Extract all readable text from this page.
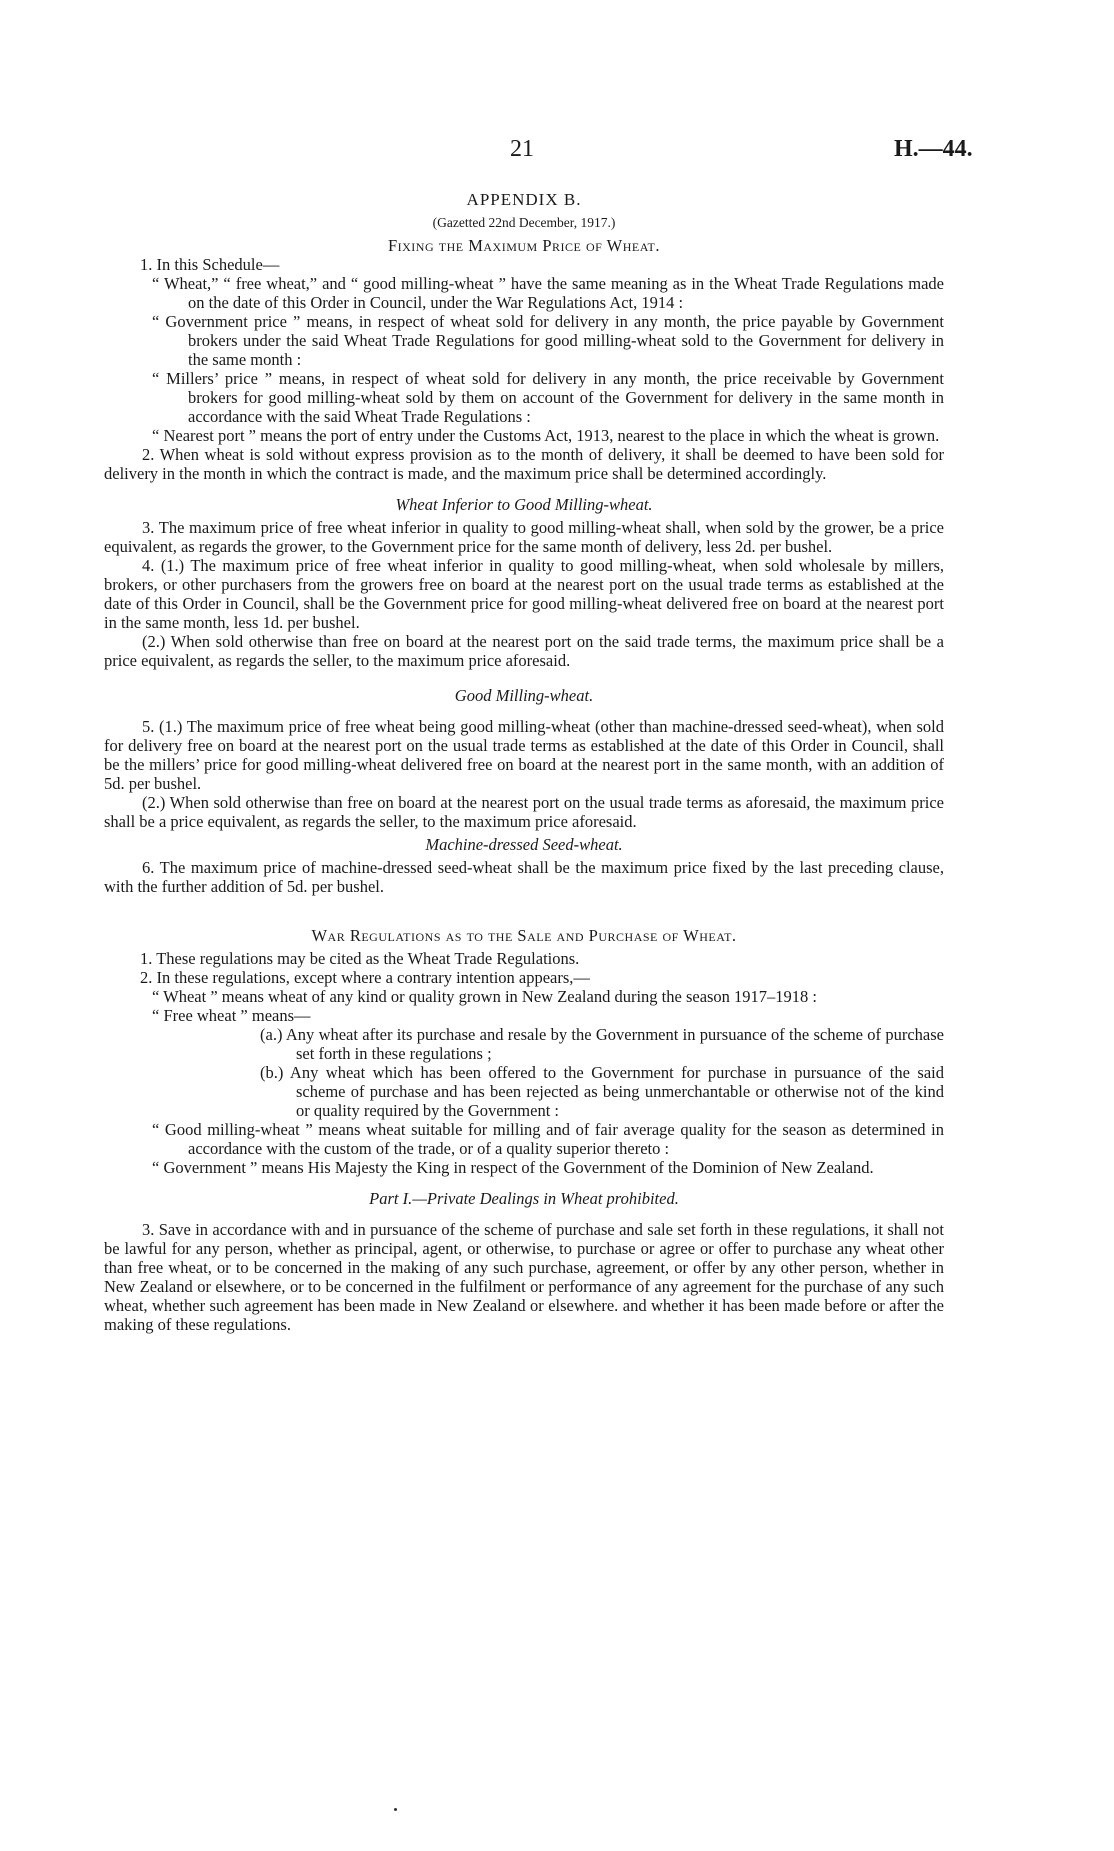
21	H.—44.

APPENDIX B.

(Gazetted 22nd December, 1917.)

Fixing the Maximum Price of Wheat.

1. In this Schedule—

“ Wheat,” “ free wheat,” and “ good milling-wheat ” have the same meaning as in the Wheat Trade Regulations made on the date of this Order in Council, under the War Regulations Act, 1914 :

“ Government price ” means, in respect of wheat sold for delivery in any month, the price payable by Government brokers under the said Wheat Trade Regulations for good milling-wheat sold to the Government for delivery in the same month :

“ Millers’ price ” means, in respect of wheat sold for delivery in any month, the price receivable by Government brokers for good milling-wheat sold by them on account of the Government for delivery in the same month in accordance with the said Wheat Trade Regulations :

“ Nearest port ” means the port of entry under the Customs Act, 1913, nearest to the place in which the wheat is grown.

2. When wheat is sold without express provision as to the month of delivery, it shall be deemed to have been sold for delivery in the month in which the contract is made, and the maximum price shall be determined accordingly.

Wheat Inferior to Good Milling-wheat.

3. The maximum price of free wheat inferior in quality to good milling-wheat shall, when sold by the grower, be a price equivalent, as regards the grower, to the Government price for the same month of delivery, less 2d. per bushel.

4. (1.) The maximum price of free wheat inferior in quality to good milling-wheat, when sold wholesale by millers, brokers, or other purchasers from the growers free on board at the nearest port on the usual trade terms as established at the date of this Order in Council, shall be the Government price for good milling-wheat delivered free on board at the nearest port in the same month, less 1d. per bushel.

(2.) When sold otherwise than free on board at the nearest port on the said trade terms, the maximum price shall be a price equivalent, as regards the seller, to the maximum price aforesaid.

Good Milling-wheat.

5. (1.) The maximum price of free wheat being good milling-wheat (other than machine-dressed seed-wheat), when sold for delivery free on board at the nearest port on the usual trade terms as established at the date of this Order in Council, shall be the millers’ price for good milling-wheat delivered free on board at the nearest port in the same month, with an addition of 5d. per bushel.

(2.) When sold otherwise than free on board at the nearest port on the usual trade terms as aforesaid, the maximum price shall be a price equivalent, as regards the seller, to the maximum price aforesaid.

Machine-dressed Seed-wheat.

6. The maximum price of machine-dressed seed-wheat shall be the maximum price fixed by the last preceding clause, with the further addition of 5d. per bushel.

War Regulations as to the Sale and Purchase of Wheat.

1. These regulations may be cited as the Wheat Trade Regulations.

2. In these regulations, except where a contrary intention appears,—

“ Wheat ” means wheat of any kind or quality grown in New Zealand during the season 1917–1918 :

“ Free wheat ” means—

(a.) Any wheat after its purchase and resale by the Government in pursuance of the scheme of purchase set forth in these regulations ;

(b.) Any wheat which has been offered to the Government for purchase in pursuance of the said scheme of purchase and has been rejected as being unmerchantable or otherwise not of the kind or quality required by the Government :

“ Good milling-wheat ” means wheat suitable for milling and of fair average quality for the season as determined in accordance with the custom of the trade, or of a quality superior thereto :

“ Government ” means His Majesty the King in respect of the Government of the Dominion of New Zealand.

Part I.—Private Dealings in Wheat prohibited.

3. Save in accordance with and in pursuance of the scheme of purchase and sale set forth in these regulations, it shall not be lawful for any person, whether as principal, agent, or otherwise, to purchase or agree or offer to purchase any wheat other than free wheat, or to be concerned in the making of any such purchase, agreement, or offer by any other person, whether in New Zealand or elsewhere, or to be concerned in the fulfilment or performance of any agreement for the purchase of any such wheat, whether such agreement has been made in New Zealand or elsewhere. and whether it has been made before or after the making of these regulations.
